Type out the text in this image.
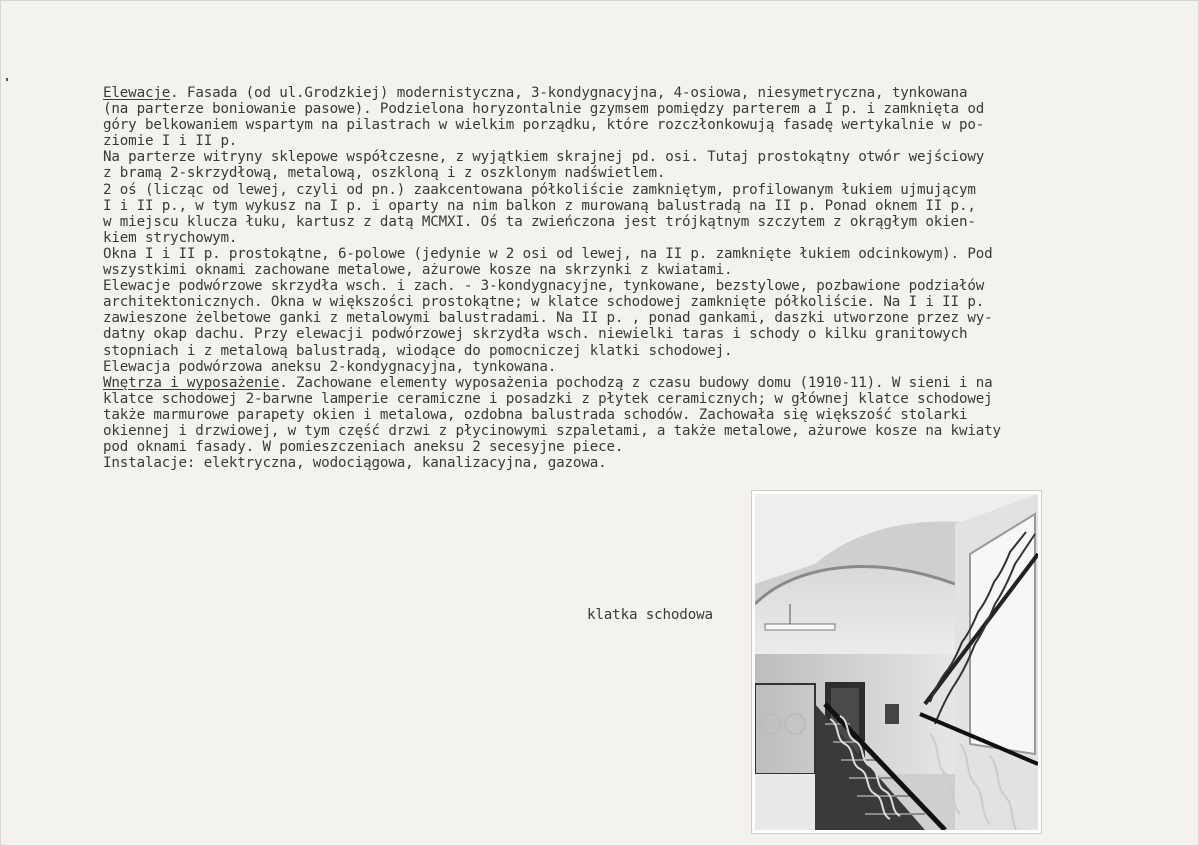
Elewacje. Fasada (od ul.Grodzkiej) modernistyczna, 3-kondygnacyjna, 4-osiowa, niesymetryczna, tynkowana
(na parterze boniowanie pasowe). Podzielona horyzontalnie gzymsem pomiędzy parterem a I p. i zamknięta od
góry belkowaniem wspartym na pilastrach w wielkim porządku, które rozczłonkowują fasadę wertykalnie w po-
ziomie I i II p.
Na parterze witryny sklepowe współczesne, z wyjątkiem skrajnej pd. osi. Tutaj prostokątny otwór wejściowy
z bramą 2-skrzydłową, metalową, oszkloną i z oszklonym nadświetlem.
2 oś (licząc od lewej, czyli od pn.) zaakcentowana półkoliście zamkniętym, profilowanym łukiem ujmującym
I i II p., w tym wykusz na I p. i oparty na nim balkon z murowaną balustradą na II p. Ponad oknem II p.,
w miejscu klucza łuku, kartusz z datą MCMXI. Oś ta zwieńczona jest trójkątnym szczytem z okrągłym okien-
kiem strychowym.
Okna I i II p. prostokątne, 6-polowe (jedynie w 2 osi od lewej, na II p. zamknięte łukiem odcinkowym). Pod
wszystkimi oknami zachowane metalowe, ażurowe kosze na skrzynki z kwiatami.
Elewacje podwórzowe skrzydła wsch. i zach. - 3-kondygnacyjne, tynkowane, bezstylowe, pozbawione podziałów
architektonicznych. Okna w większości prostokątne; w klatce schodowej zamknięte półkoliście. Na I i II p.
zawieszone żelbetowe ganki z metalowymi balustradami. Na II p. , ponad gankami, daszki utworzone przez wy-
datny okap dachu. Przy elewacji podwórzowej skrzydła wsch. niewielki taras i schody o kilku granitowych
stopniach i z metalową balustradą, wiodące do pomocniczej klatki schodowej.
Elewacja podwórzowa aneksu 2-kondygnacyjna, tynkowana.
Wnętrza i wyposażenie. Zachowane elementy wyposażenia pochodzą z czasu budowy domu (1910-11). W sieni i na
klatce schodowej 2-barwne lamperie ceramiczne i posadzki z płytek ceramicznych; w głównej klatce schodowej
także marmurowe parapety okien i metalowa, ozdobna balustrada schodów. Zachowała się większość stolarki
okiennej i drzwiowej, w tym część drzwi z płycinowymi szpaletami, a także metalowe, ażurowe kosze na kwiaty
pod oknami fasady. W pomieszczeniach aneksu 2 secesyjne piece.
Instalacje: elektryczna, wodociągowa, kanalizacyjna, gazowa.
klatka schodowa
